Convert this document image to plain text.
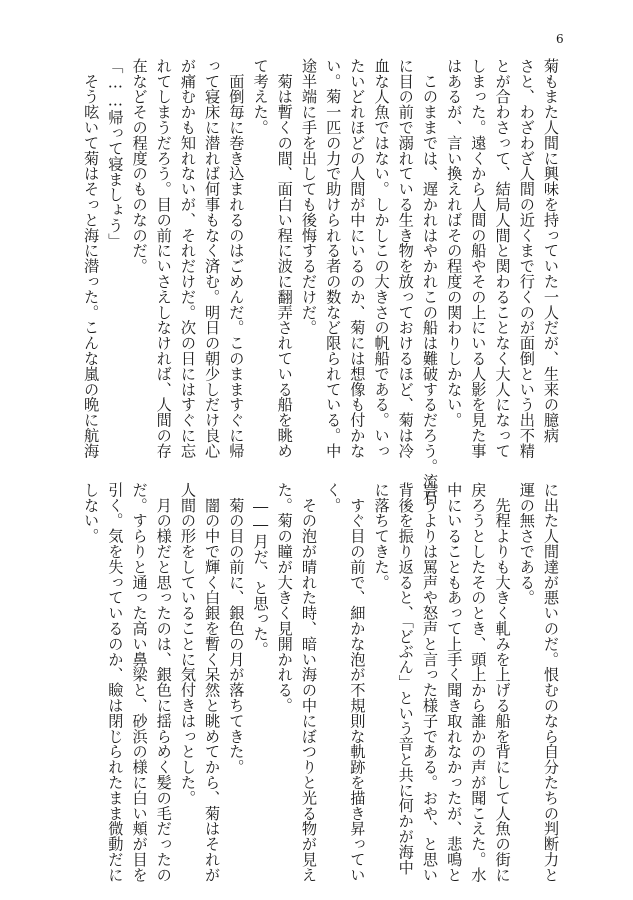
6
菊もまた人間に興味を持っていた一人だが、生来の臆病
さと、わざわざ人間の近くまで行くのが面倒という出不精
とが合わさって、結局人間と関わることなく大人になって
しまった。遠くから人間の船やその上にいる人影を見た事
はあるが、言い換えればその程度の関わりしかない。
　このままでは、遅かれはやかれこの船は難破するだろう。流石
に目の前で溺れている生き物を放っておけるほど、菊は冷
血な人魚ではない。しかしこの大きさの帆船である。いっ
たいどれほどの人間が中にいるのか、菊には想像も付かな
い。菊一匹の力で助けられる者の数など限られている。中
途半端に手を出しても後悔するだけだ。
　菊は暫くの間、面白い程に波に翻弄されている船を眺め
て考えた。
　面倒毎に巻き込まれるのはごめんだ。このまますぐに帰
って寝床に潜れば何事もなく済む。明日の朝少しだけ良心
が痛むかも知れないが、それだけだ。次の日にはすぐに忘
れてしまうだろう。目の前にいさえしなければ、人間の存
在などその程度のものなのだ。
「……帰って寝ましょう」
　そう呟いて菊はそっと海に潜った。こんな嵐の晩に航海
に出た人間達が悪いのだ。恨むのなら自分たちの判断力と
運の無さである。
　先程よりも大きく軋みを上げる船を背にして人魚の街に
戻ろうとしたそのとき、頭上から誰かの声が聞こえた。水
中にいることもあって上手く聞き取れなかったが、悲鳴と
言うよりは罵声や怒声と言った様子である。おや、と思い
背後を振り返ると、「どぶん」という音と共に何かが海中
に落ちてきた。
　すぐ目の前で、細かな泡が不規則な軌跡を描き昇ってい
く。
　その泡が晴れた時、暗い海の中にぼつりと光る物が見え
た。菊の瞳が大きく見開かれる。
　――月だ、と思った。
　菊の目の前に、銀色の月が落ちてきた。
　闇の中で輝く白銀を暫く呆然と眺めてから、菊はそれが
人間の形をしていることに気付きはっとした。
　月の様だと思ったのは、銀色に揺らめく髪の毛だったの
だ。すらりと通った高い鼻梁と、砂浜の様に白い頬が目を
引く。気を失っているのか、瞼は閉じられたまま微動だに
しない。
